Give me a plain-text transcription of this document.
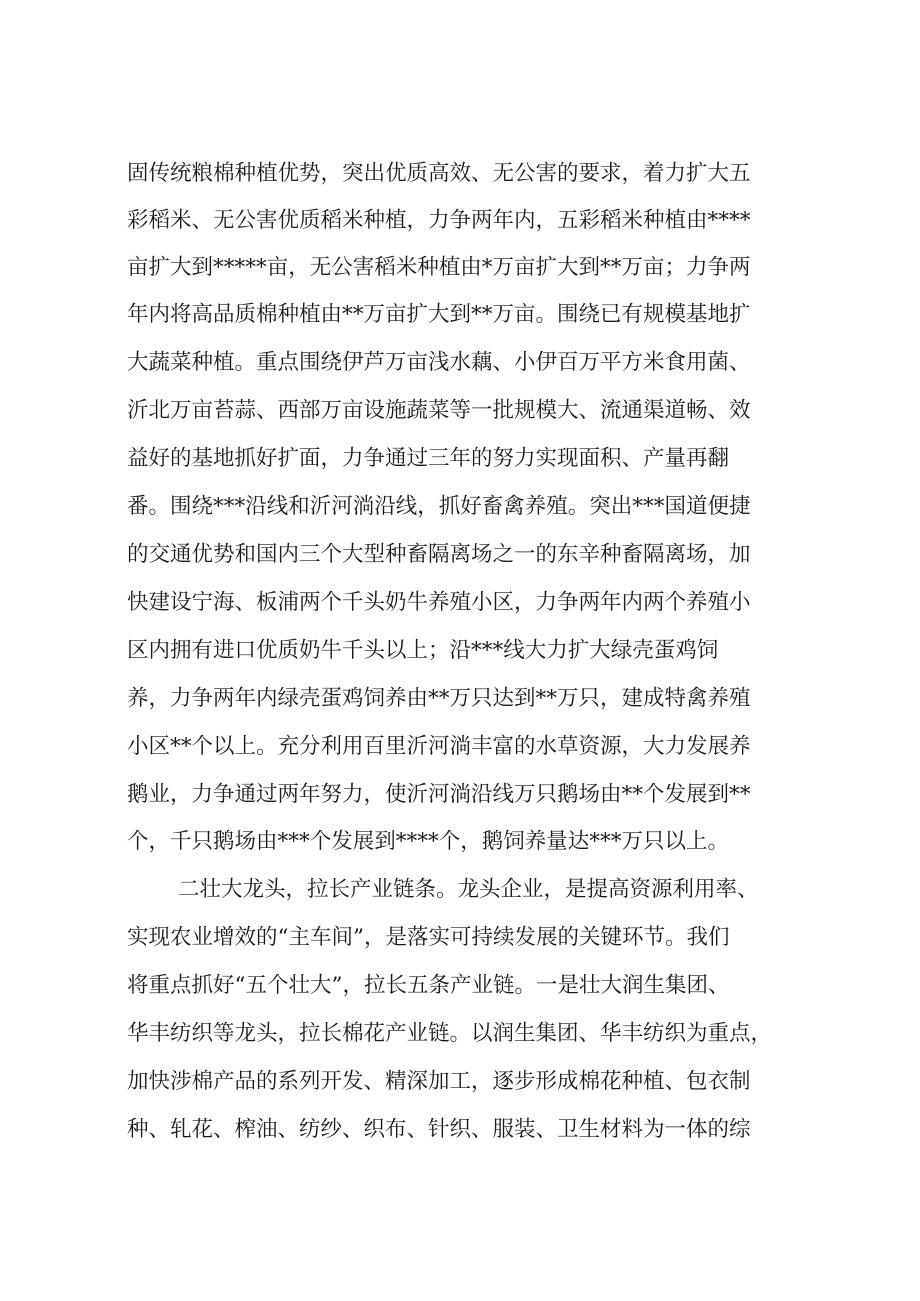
固传统粮棉种植优势，突出优质高效、无公害的要求，着力扩大五
彩稻米、无公害优质稻米种植，力争两年内，五彩稻米种植由****
亩扩大到*****亩，无公害稻米种植由*万亩扩大到**万亩；力争两
年内将高品质棉种植由**万亩扩大到**万亩。围绕已有规模基地扩
大蔬菜种植。重点围绕伊芦万亩浅水藕、小伊百万平方米食用菌、
沂北万亩苔蒜、西部万亩设施蔬菜等一批规模大、流通渠道畅、效
益好的基地抓好扩面，力争通过三年的努力实现面积、产量再翻
番。围绕***沿线和沂河淌沿线，抓好畜禽养殖。突出***国道便捷
的交通优势和国内三个大型种畜隔离场之一的东辛种畜隔离场，加
快建设宁海、板浦两个千头奶牛养殖小区，力争两年内两个养殖小
区内拥有进口优质奶牛千头以上；沿***线大力扩大绿壳蛋鸡饲
养，力争两年内绿壳蛋鸡饲养由**万只达到**万只，建成特禽养殖
小区**个以上。充分利用百里沂河淌丰富的水草资源，大力发展养
鹅业，力争通过两年努力，使沂河淌沿线万只鹅场由**个发展到**
个，千只鹅场由***个发展到****个，鹅饲养量达***万只以上。
二壮大龙头，拉长产业链条。龙头企业，是提高资源利用率、
实现农业增效的“主车间”，是落实可持续发展的关键环节。我们
将重点抓好“五个壮大”，拉长五条产业链。一是壮大润生集团、
华丰纺织等龙头，拉长棉花产业链。以润生集团、华丰纺织为重点，
加快涉棉产品的系列开发、精深加工，逐步形成棉花种植、包衣制
种、轧花、榨油、纺纱、织布、针织、服装、卫生材料为一体的综
